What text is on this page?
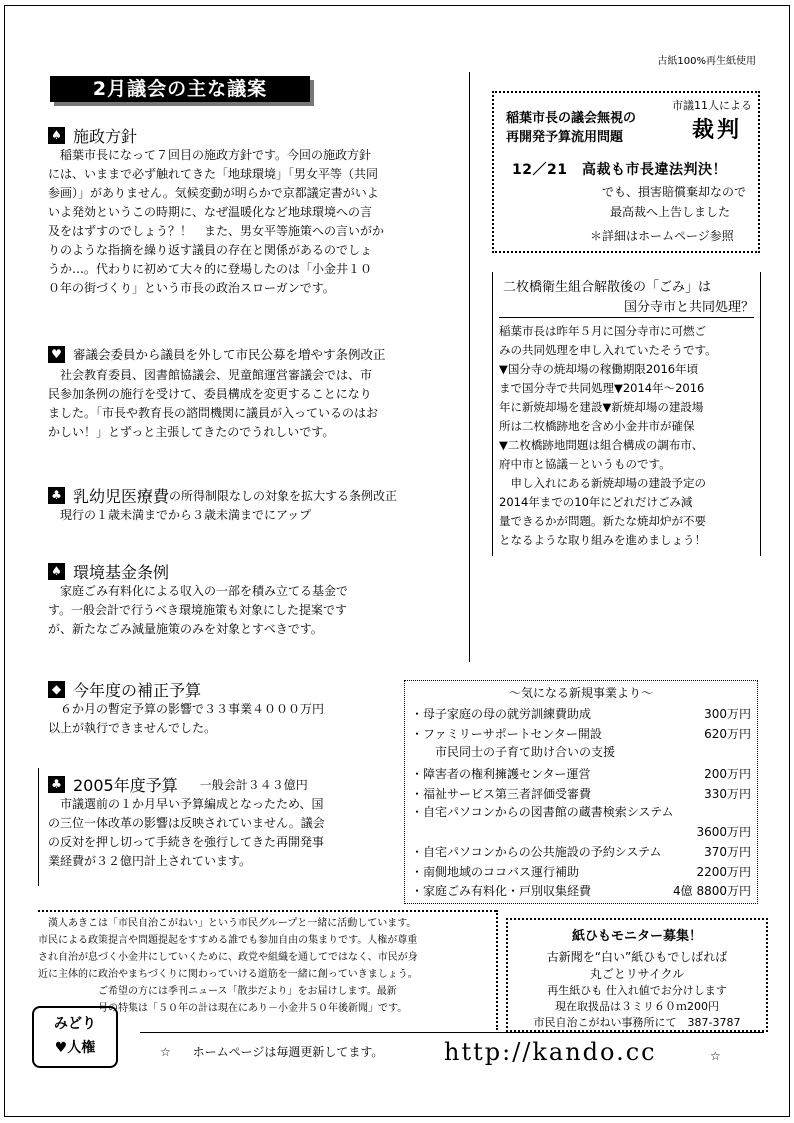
古紙100%再生紙使用
2月議会の主な議案
♠ 施政方針
　稲葉市長になって７回目の施政方針です。今回の施政方針
には、いままで必ず触れてきた「地球環境」「男女平等（共同
参画）」がありません。気候変動が明らかで京都議定書がいよ
いよ発効というこの時期に、なぜ温暖化など地球環境への言
及をはずすのでしょう？！　また、男女平等施策への言いがか
りのような指摘を繰り返す議員の存在と関係があるのでしょ
うか…。代わりに初めて大々的に登場したのは「小金井１０
０年の街づくり」という市長の政治スローガンです。
♥ 審議会委員から議員を外して市民公募を増やす条例改正
　社会教育委員、図書館協議会、児童館運営審議会では、市
民参加条例の施行を受けて、委員構成を変更することになり
ました。「市長や教育長の諮問機関に議員が入っているのはお
かしい！」とずっと主張してきたのでうれしいです。
♣ 乳幼児医療費 の所得制限なしの対象を拡大する条例改正
　現行の１歳未満までから３歳未満までにアップ
♠ 環境基金条例
　家庭ごみ有料化による収入の一部を積み立てる基金で
す。一般会計で行うべき環境施策も対象にした提案です
が、新たなごみ減量施策のみを対象とすべきです。
◆ 今年度の補正予算
　６か月の暫定予算の影響で３３事業４０００万円
以上が執行できませんでした。
♣ 2005年度予算 一般会計３４３億円
　市議選前の１か月早い予算編成となったため、国
の三位一体改革の影響は反映されていません。議会
の反対を押し切って手続きを強行してきた再開発事
業経費が３２億円計上されています。
市議11人による
裁判
稲葉市長の議会無視の
再開発予算流用問題
12／21　高裁も市長違法判決！
でも、損害賠償棄却なので
最高裁へ上告しました
＊詳細はホームページ参照
二枚橋衛生組合解散後の「ごみ」は
国分寺市と共同処理？
稲葉市長は昨年５月に国分寺市に可燃ご
みの共同処理を申し入れていたそうです。
▼国分寺の焼却場の稼働期限2016年頃
まで国分寺で共同処理▼2014年～2016
年に新焼却場を建設▼新焼却場の建設場
所は二枚橋跡地を含め小金井市が確保
▼二枚橋跡地問題は組合構成の調布市、
府中市と協議－というものです。
　申し入れにある新焼却場の建設予定の
2014年までの10年にどれだけごみ減
量できるかが問題。新たな焼却炉が不要
となるような取り組みを進めましょう！
～気になる新規事業より～
・母子家庭の母の就労訓練費助成	300万円
・ファミリーサポートセンター開設	620万円
　　市民同士の子育て助け合いの支援
・障害者の権利擁護センター運営	200万円
・福祉サービス第三者評価受審費	330万円
・自宅パソコンからの図書館の蔵書検索システム
3600万円
・自宅パソコンからの公共施設の予約システム	370万円
・南側地域のココバス運行補助	2200万円
・家庭ごみ有料化・戸別収集経費	4億 8800万円
　漢人あきこは「市民自治こがねい」という市民グループと一緒に活動しています。
市民による政策提言や問題提起をすすめる誰でも参加自由の集まりです。人権が尊重
され自治が息づく小金井にしていくために、政党や組織を通してではなく、市民が身
近に主体的に政治やまちづくりに関わっていける道筋を一緒に創っていきましょう。
　　　　　　ご希望の方には季刊ニュース「散歩だより」をお届けします。最新
　　　　　　号の特集は「５０年の計は現在にあり－小金井５０年後新聞」です。
みどり
♥人権
紙ひもモニター募集！
古新聞を“白い”紙ひもでしばれば
丸ごとリサイクル
再生紙ひも 仕入れ値でお分けします
現在取扱品は３ミリ６０ｍ200円
市民自治こがねい事務所にて　387-3787
☆ ホームページは毎週更新してます。	http://kando.cc	☆
